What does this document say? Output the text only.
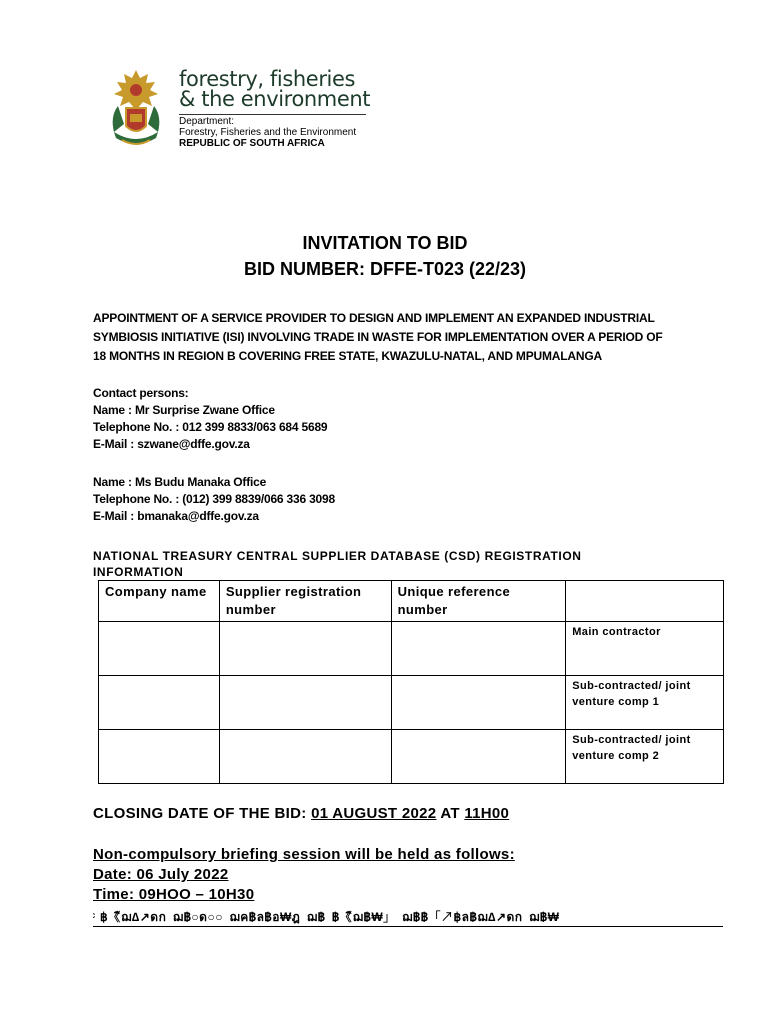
forestry, fisheries
& the environment
Department:
Forestry, Fisheries and the Environment
REPUBLIC OF SOUTH AFRICA
INVITATION TO BID
BID NUMBER: DFFE-T023 (22/23)
APPOINTMENT OF A SERVICE PROVIDER TO DESIGN AND IMPLEMENT AN EXPANDED INDUSTRIAL
SYMBIOSIS INITIATIVE (ISI) INVOLVING TRADE IN WASTE FOR IMPLEMENTATION OVER A PERIOD OF
18 MONTHS IN REGION B COVERING FREE STATE, KWAZULU-NATAL, AND MPUMALANGA
Contact persons:
Name : Mr Surprise Zwane Office
Telephone No. : 012 399 8833/063 684 5689
E-Mail : szwane@dffe.gov.za
Name : Ms Budu Manaka Office
Telephone No. : (012) 399 8839/066 336 3098
E-Mail : bmanaka@dffe.gov.za
NATIONAL TREASURY CENTRAL SUPPLIER DATABASE (CSD) REGISTRATION
INFORMATION
Company name	Supplier registration number	Unique reference number	
			Main contractor
			Sub-contracted/ joint venture comp 1
			Sub-contracted/ joint venture comp 2
CLOSING DATE OF THE BID: 01 AUGUST 2022 AT 11H00
Non-compulsory briefing session will be held as follows:
Date: 06 July 2022
Time: 09HOO – 10H30
ͨ ฿《ิฌ∆↗ดก ฌ฿○ด○○ ฌค฿ล฿อ₩ฎ ฌ฿ ฿《ิฌ฿₩」 ฌ฿฿「↗฿ล฿ฌ∆↗ดก ฌ฿₩
